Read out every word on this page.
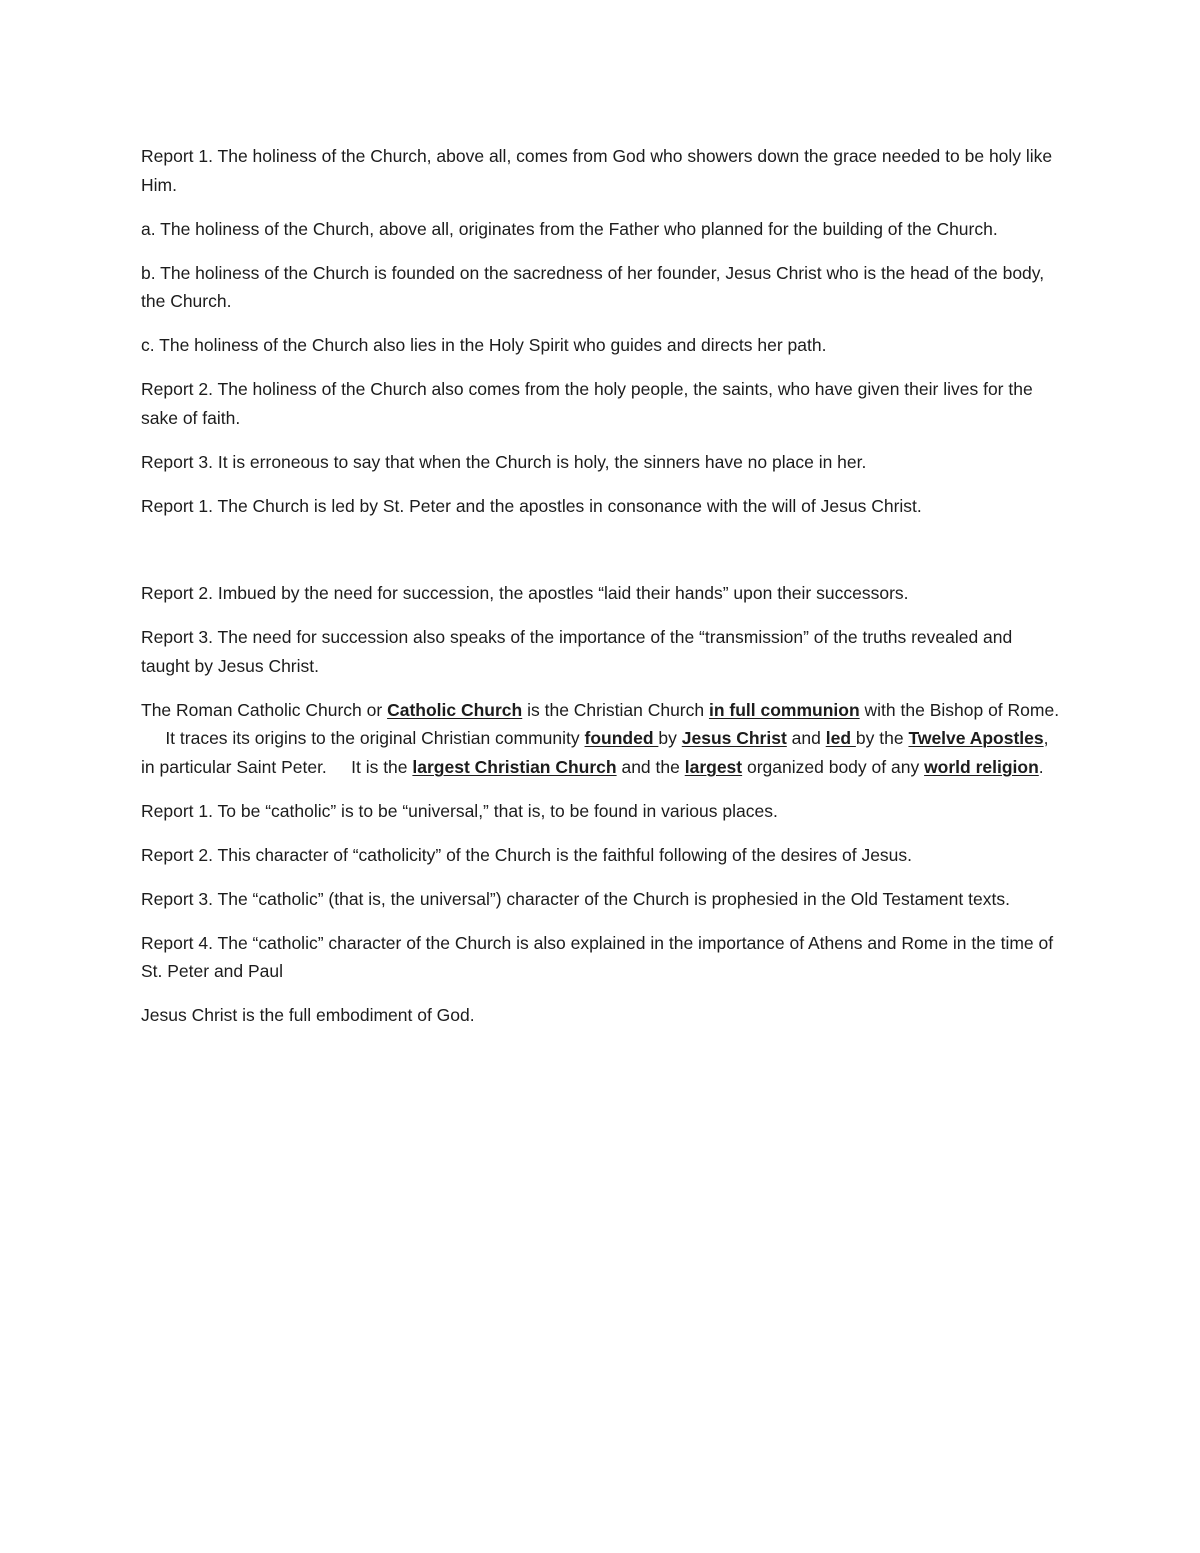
Report 1. The holiness of the Church, above all, comes from God who showers down the grace needed to be holy like Him.

a. The holiness of the Church, above all, originates from the Father who planned for the building of the Church.

b. The holiness of the Church is founded on the sacredness of her founder, Jesus Christ who is the head of the body, the Church.

c. The holiness of the Church also lies in the Holy Spirit who guides and directs her path.

Report 2. The holiness of the Church also comes from the holy people, the saints, who have given their lives for the sake of faith.

Report 3. It is erroneous to say that when the Church is holy, the sinners have no place in her.

Report 1. The Church is led by St. Peter and the apostles in consonance with the will of Jesus Christ.

Report 2. Imbued by the need for succession, the apostles “laid their hands” upon their successors.

Report 3. The need for succession also speaks of the importance of the “transmission” of the truths revealed and taught by Jesus Christ.

The Roman Catholic Church or Catholic Church is the Christian Church in full communion with the Bishop of Rome.     It traces its origins to the original Christian community founded by Jesus Christ and led by the Twelve Apostles, in particular Saint Peter. It is the largest Christian Church and the largest organized body of any world religion.

Report 1. To be “catholic” is to be “universal,” that is, to be found in various places.

Report 2. This character of “catholicity” of the Church is the faithful following of the desires of Jesus.

Report 3. The “catholic” (that is, the universal”) character of the Church is prophesied in the Old Testament texts.

Report 4. The “catholic” character of the Church is also explained in the importance of Athens and Rome in the time of St. Peter and Paul

Jesus Christ is the full embodiment of God.
